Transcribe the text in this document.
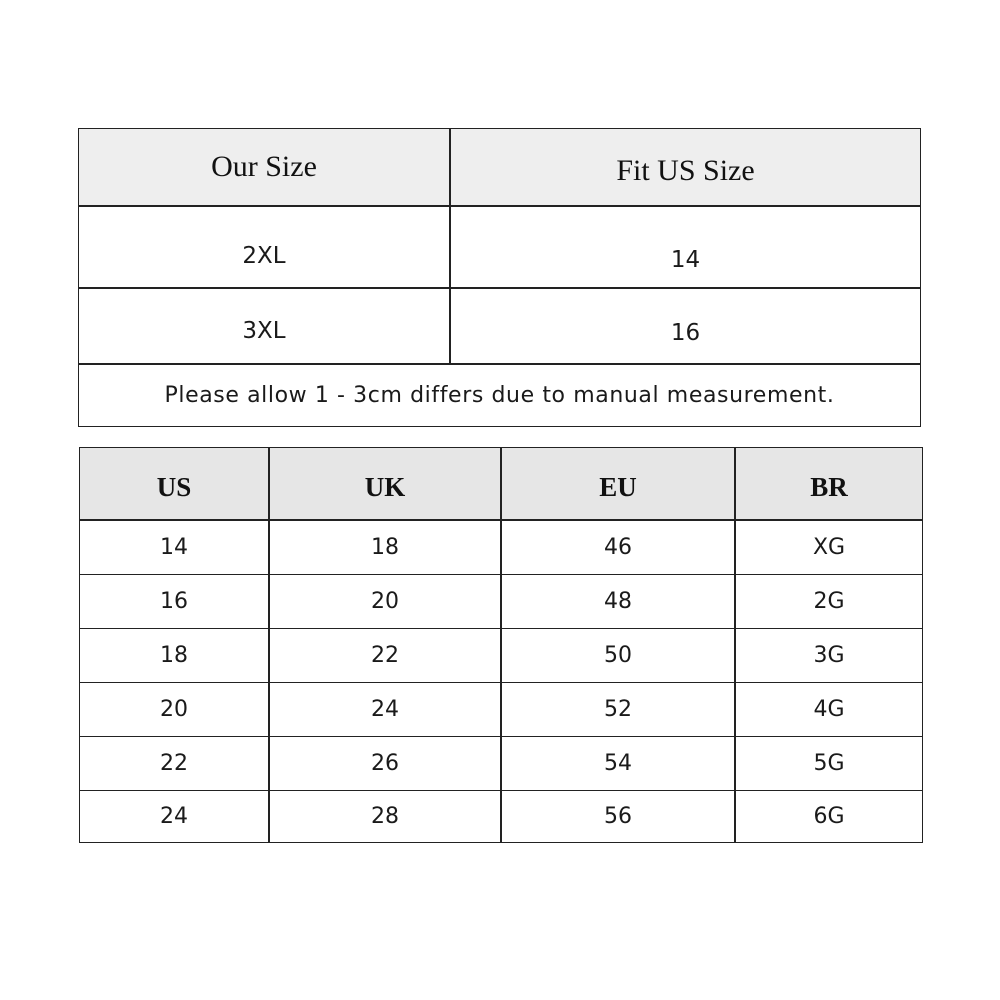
Our Size	Fit US Size
2XL	14
3XL	16
Please allow 1 - 3cm differs due to manual measurement.
US	UK	EU	BR
14	18	46	XG
16	20	48	2G
18	22	50	3G
20	24	52	4G
22	26	54	5G
24	28	56	6G
